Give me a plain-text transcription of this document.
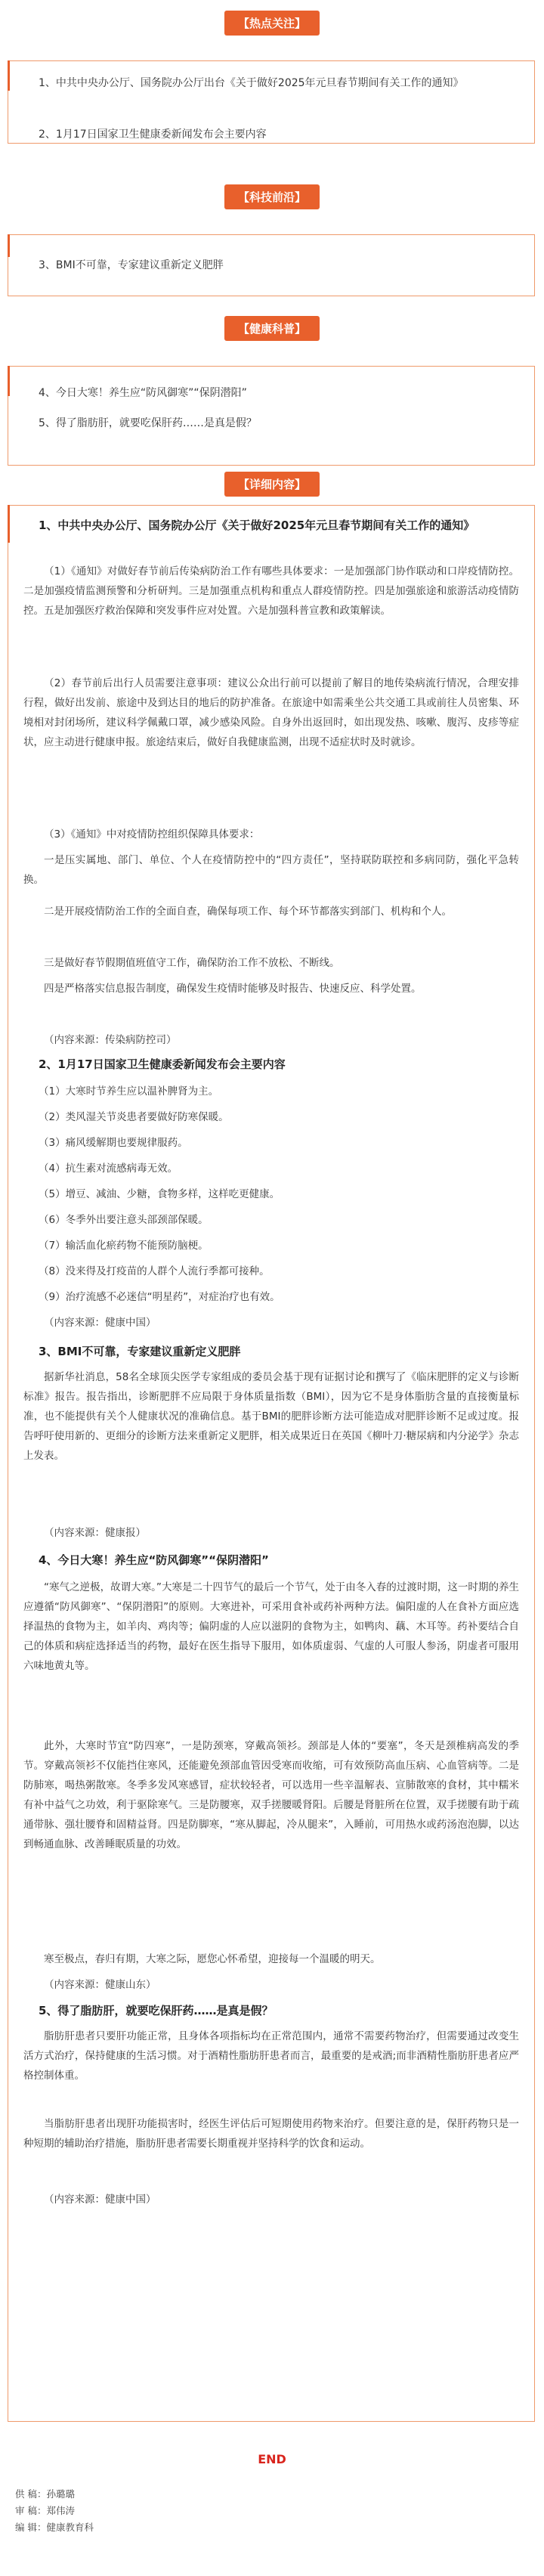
【热点关注】
1、中共中央办公厅、国务院办公厅出台《关于做好2025年元旦春节期间有关工作的通知》
2、1月17日国家卫生健康委新闻发布会主要内容
【科技前沿】
3、BMI不可靠，专家建议重新定义肥胖
【健康科普】
4、今日大寒！养生应“防风御寒”“保阴潜阳”
5、得了脂肪肝，就要吃保肝药……是真是假？
【详细内容】
1、中共中央办公厅、国务院办公厅《关于做好2025年元旦春节期间有关工作的通知》
（1）《通知》对做好春节前后传染病防治工作有哪些具体要求：一是加强部门协作联动和口岸疫情防控。二是加强疫情监测预警和分析研判。三是加强重点机构和重点人群疫情防控。四是加强旅途和旅游活动疫情防控。五是加强医疗救治保障和突发事件应对处置。六是加强科普宣教和政策解读。
（2）春节前后出行人员需要注意事项：建议公众出行前可以提前了解目的地传染病流行情况，合理安排行程，做好出发前、旅途中及到达目的地后的防护准备。在旅途中如需乘坐公共交通工具或前往人员密集、环境相对封闭场所，建议科学佩戴口罩，减少感染风险。自身外出返回时，如出现发热、咳嗽、腹泻、皮疹等症状，应主动进行健康申报。旅途结束后，做好自我健康监测，出现不适症状时及时就诊。
（3）《通知》中对疫情防控组织保障具体要求：
一是压实属地、部门、单位、个人在疫情防控中的“四方责任”，坚持联防联控和多病同防，强化平急转换。
二是开展疫情防治工作的全面自查，确保每项工作、每个环节都落实到部门、机构和个人。
三是做好春节假期值班值守工作，确保防治工作不放松、不断线。
四是严格落实信息报告制度，确保发生疫情时能够及时报告、快速反应、科学处置。
（内容来源：传染病防控司）
2、1月17日国家卫生健康委新闻发布会主要内容
（1）大寒时节养生应以温补脾肾为主。
（2）类风湿关节炎患者要做好防寒保暖。
（3）痛风缓解期也要规律服药。
（4）抗生素对流感病毒无效。
（5）增豆、减油、少糖，食物多样，这样吃更健康。
（6）冬季外出要注意头部颈部保暖。
（7）输活血化瘀药物不能预防脑梗。
（8）没来得及打疫苗的人群个人流行季都可接种。
（9）治疗流感不必迷信“明星药”，对症治疗也有效。
（内容来源：健康中国）
3、BMI不可靠，专家建议重新定义肥胖
据新华社消息，58名全球顶尖医学专家组成的委员会基于现有证据讨论和撰写了《临床肥胖的定义与诊断标准》报告。报告指出，诊断肥胖不应局限于身体质量指数（BMI），因为它不是身体脂肪含量的直接衡量标准，也不能提供有关个人健康状况的准确信息。基于BMI的肥胖诊断方法可能造成对肥胖诊断不足或过度。报告呼吁使用新的、更细分的诊断方法来重新定义肥胖，相关成果近日在英国《柳叶刀·糖尿病和内分泌学》杂志上发表。
（内容来源：健康报）
4、今日大寒！养生应“防风御寒”“保阴潜阳”
“寒气之逆极，故谓大寒。”大寒是二十四节气的最后一个节气，处于由冬入春的过渡时期，这一时期的养生应遵循“防风御寒”、“保阴潜阳”的原则。大寒进补，可采用食补或药补两种方法。偏阳虚的人在食补方面应选择温热的食物为主，如羊肉、鸡肉等；偏阴虚的人应以滋阴的食物为主，如鸭肉、藕、木耳等。药补要结合自己的体质和病症选择适当的药物，最好在医生指导下服用，如体质虚弱、气虚的人可服人参汤，阴虚者可服用六味地黄丸等。
此外，大寒时节宜“防四寒”，一是防颈寒，穿戴高领衫。颈部是人体的“要塞”，冬天是颈椎病高发的季节。穿戴高领衫不仅能挡住寒风，还能避免颈部血管因受寒而收缩，可有效预防高血压病、心血管病等。二是防肺寒，喝热粥散寒。冬季多发风寒感冒，症状较轻者，可以选用一些辛温解表、宣肺散寒的食材，其中糯米有补中益气之功效，利于驱除寒气。三是防腰寒，双手搓腰暖肾阳。后腰是肾脏所在位置，双手搓腰有助于疏通带脉、强壮腰脊和固精益肾。四是防脚寒，“寒从脚起，冷从腿来”，入睡前，可用热水或药汤泡泡脚，以达到畅通血脉、改善睡眠质量的功效。
寒至极点，春归有期，大寒之际，愿您心怀希望，迎接每一个温暖的明天。
（内容来源：健康山东）
5、得了脂肪肝，就要吃保肝药……是真是假？
脂肪肝患者只要肝功能正常，且身体各项指标均在正常范围内，通常不需要药物治疗，但需要通过改变生活方式治疗，保持健康的生活习惯。对于酒精性脂肪肝患者而言，最重要的是戒酒;而非酒精性脂肪肝患者应严格控制体重。
当脂肪肝患者出现肝功能损害时，经医生评估后可短期使用药物来治疗。但要注意的是，保肝药物只是一种短期的辅助治疗措施，脂肪肝患者需要长期重视并坚持科学的饮食和运动。
（内容来源：健康中国）
END
供 稿：孙璐璐
审 稿：郑伟涛
编 辑：健康教育科
